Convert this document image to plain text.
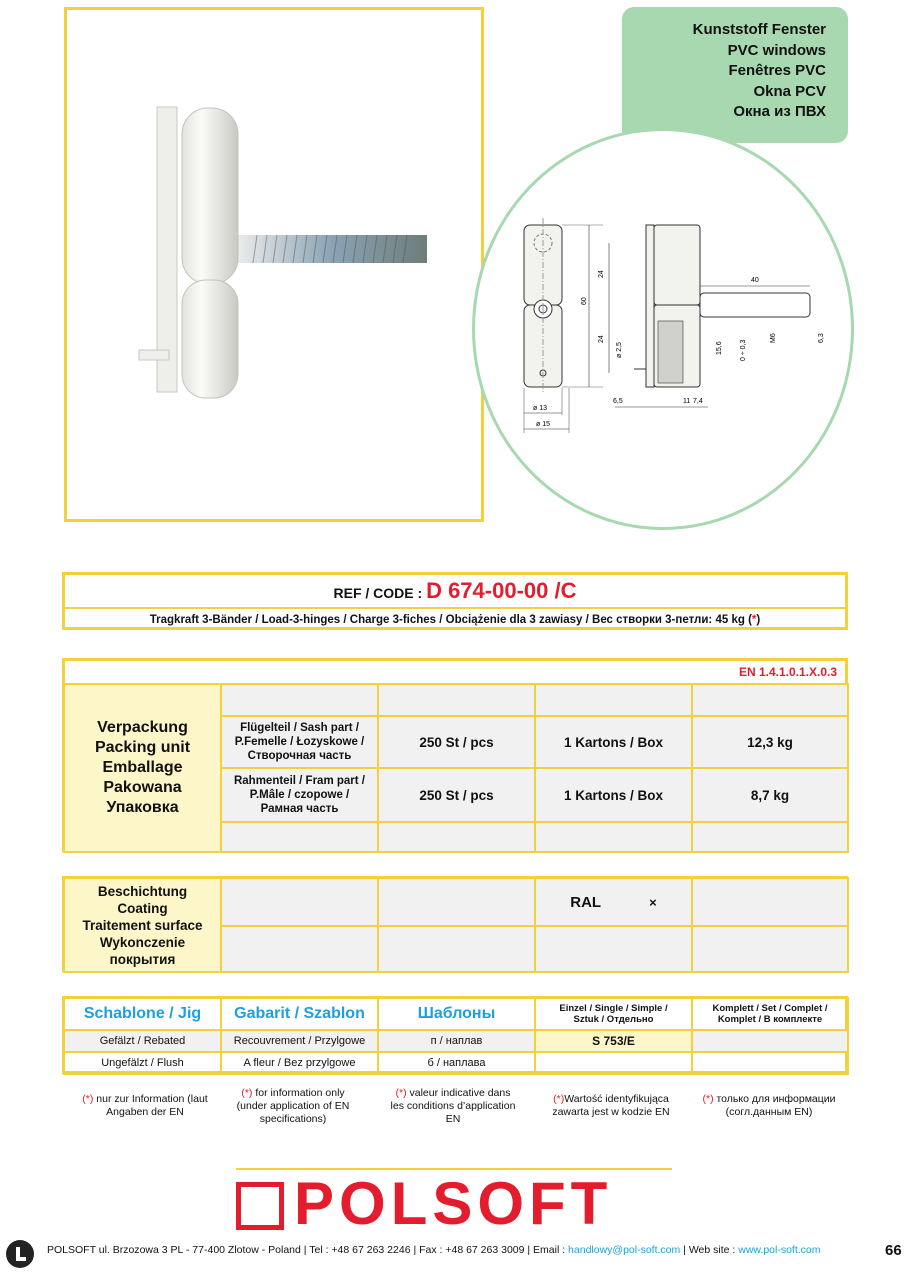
Kunststoff Fenster
PVC windows
Fenêtres PVC
Okna PCV
Окна из ПВХ
24
60
24
ø 2,5
ø 13
ø 15
40
15,6 0 ÷ 0,3
M6	6,3
6,5	11 7,4
REF / CODE : D 674-00-00 /C
Tragkraft 3-Bänder / Load-3-hinges / Charge 3-fiches / Obciążenie dla 3 zawiasy / Вес створки 3-петли: 45 kg (*)
EN 1.4.1.0.1.X.0.3
Verpackung
Packing unit
Emballage
Pakowana
Упаковка				

	Flügelteil / Sash part / P.Femelle / Łozyskowe / Створочная часть	250 St / pcs	1 Kartons / Box	12,3 kg
	Rahmenteil / Fram part / P.Mâle / czopowe / Рамная часть	250 St / pcs	1 Kartons / Box	8,7 kg

Beschichtung
Coating
Traitement surface
Wykonczenie
покрытия			RAL ×	

Schablone / Jig	Gabarit / Szablon	Шаблоны	Einzel / Single / Simple / Sztuk / Отдельно	Komplett / Set / Complet / Komplet / В комплекте
Gefälzt / Rebated	Recouvrement / Przylgowe	п / наплав	S 753/E	
Ungefälzt / Flush	A fleur / Bez przylgowe	б / наплава		
(*) nur zur Information (laut Angaben der EN
(*) for information only (under application of EN specifications)
(*) valeur indicative dans les conditions d’application EN
(*)Wartość identyfikująca zawarta jest w kodzie EN
(*) только для информации (согл.данным EN)
POLSOFT
POLSOFT ul. Brzozowa 3 PL - 77-400 Zlotow - Poland | Tel : +48 67 263 2246 | Fax : +48 67 263 3009 | Email : handlowy@pol-soft.com | Web site : www.pol-soft.com	66
